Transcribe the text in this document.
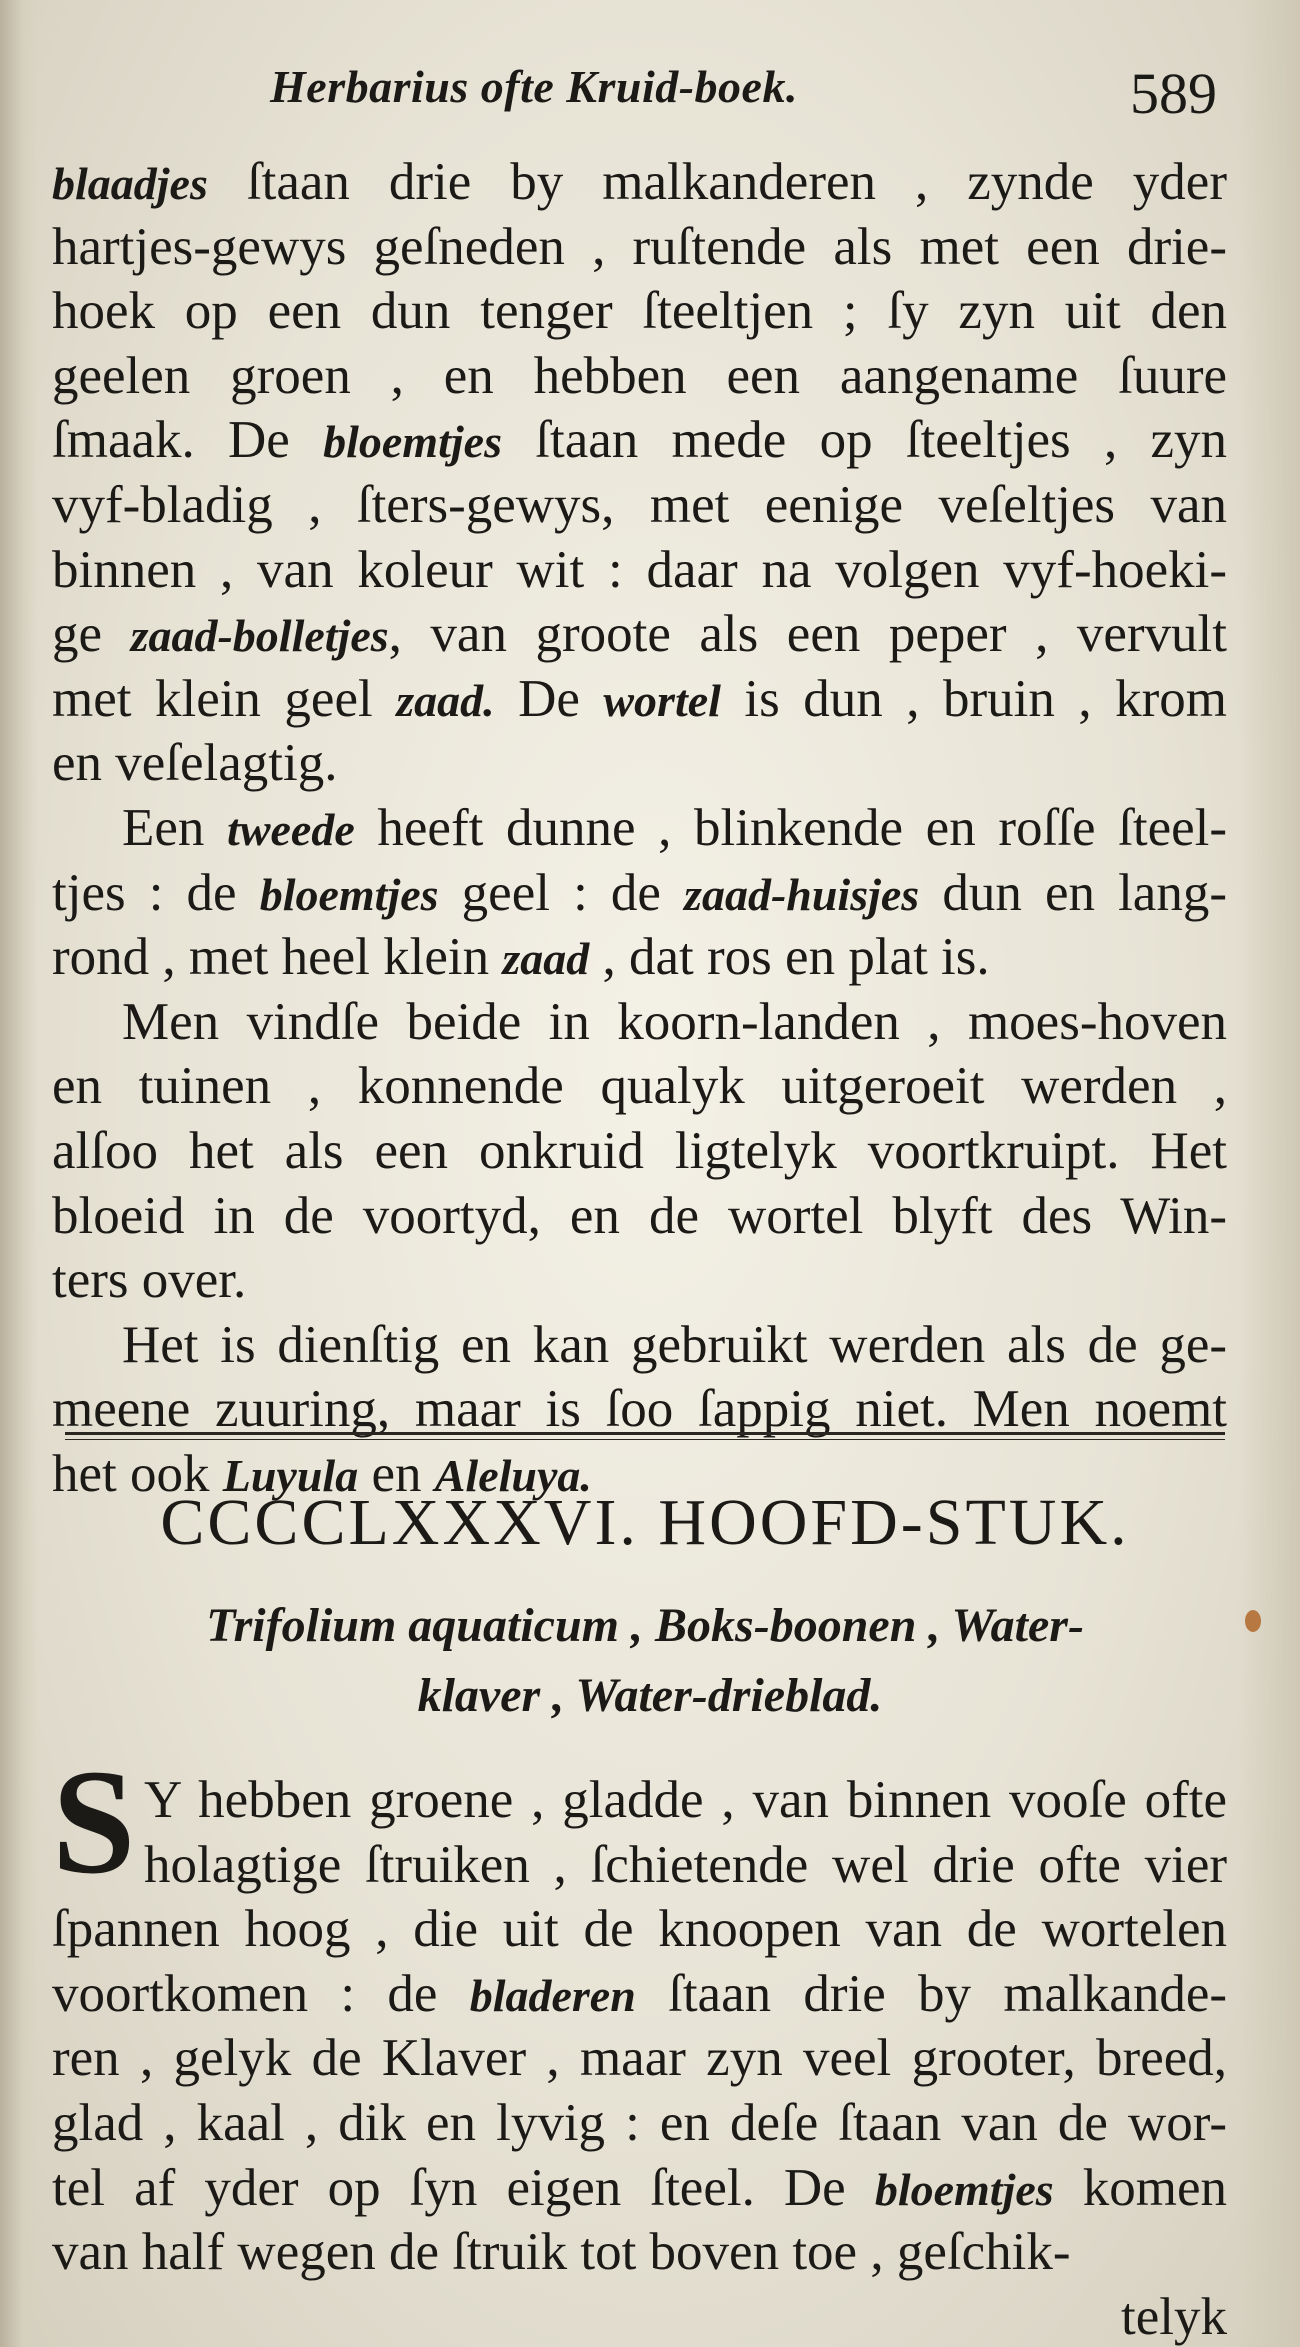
Herbarius ofte Kruid-boek.	589
blaadjes ſtaan drie by malkanderen , zynde yder
hartjes-gewys geſneden , ruſtende als met een drie-
hoek op een dun tenger ſteeltjen ; ſy zyn uit den
geelen groen , en hebben een aangename ſuure
ſmaak. De bloemtjes ſtaan mede op ſteeltjes , zyn
vyf-bladig , ſters-gewys, met eenige veſeltjes van
binnen , van koleur wit : daar na volgen vyf-hoeki-
ge zaad-bolletjes, van groote als een peper , vervult
met klein geel zaad. De wortel is dun , bruin , krom
en veſelagtig.
Een tweede heeft dunne , blinkende en roſſe ſteel-
tjes : de bloemtjes geel : de zaad-huisjes dun en lang-
rond , met heel klein zaad , dat ros en plat is.
Men vindſe beide in koorn-landen , moes-hoven
en tuinen , konnende qualyk uitgeroeit werden ,
alſoo het als een onkruid ligtelyk voortkruipt. Het
bloeid in de voortyd, en de wortel blyft des Win-
ters over.
Het is dienſtig en kan gebruikt werden als de ge-
meene zuuring, maar is ſoo ſappig niet. Men noemt
het ook Luyula en Aleluya.
CCCCLXXXVI. HOOFD-STUK.
Trifolium aquaticum , Boks-boonen , Water-
klaver , Water-drieblad.
S Y hebben groene , gladde , van binnen vooſe ofte
holagtige ſtruiken , ſchietende wel drie ofte vier
ſpannen hoog , die uit de knoopen van de wortelen
voortkomen : de bladeren ſtaan drie by malkande-
ren , gelyk de Klaver , maar zyn veel grooter, breed,
glad , kaal , dik en lyvig : en deſe ſtaan van de wor-
tel af yder op ſyn eigen ſteel. De bloemtjes komen
van half wegen de ſtruik tot boven toe , geſchik-
telyk
